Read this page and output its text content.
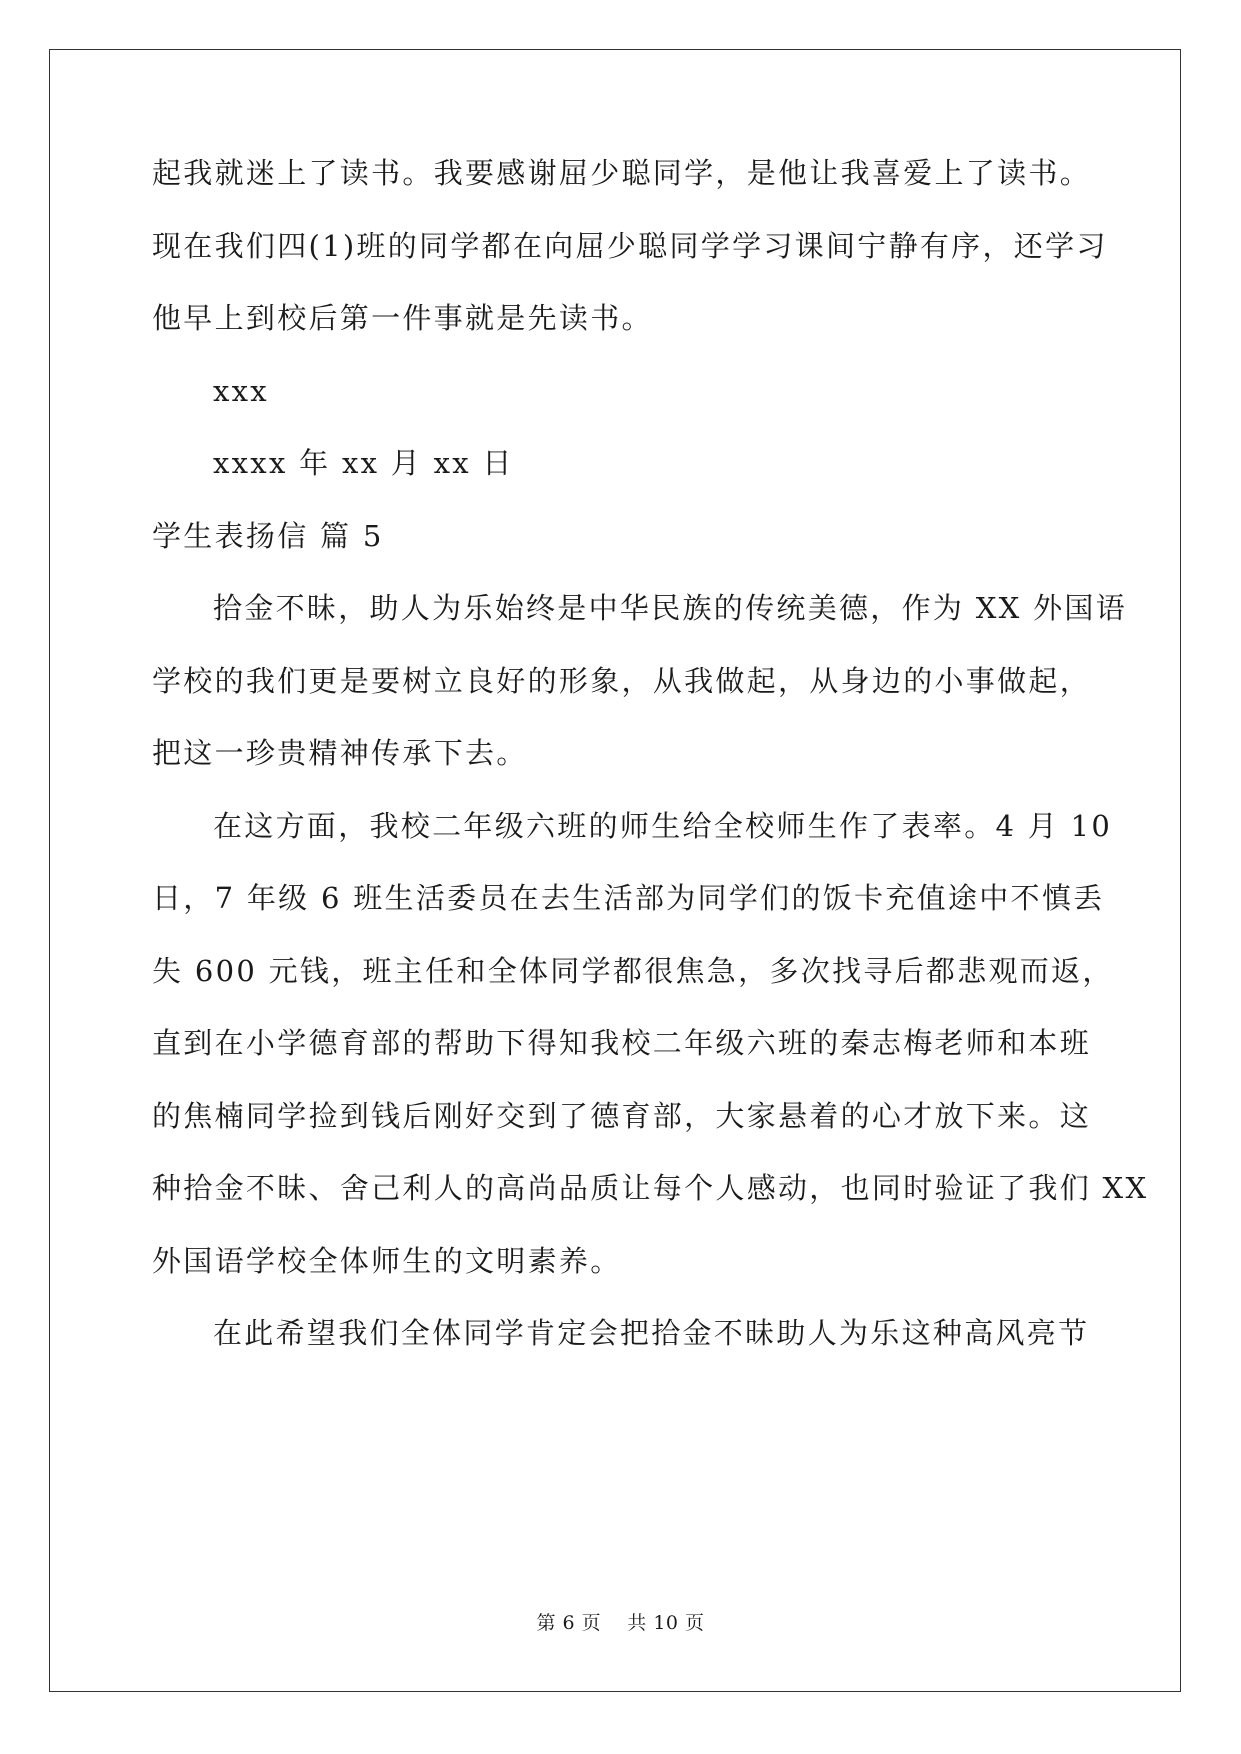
起我就迷上了读书。我要感谢屈少聪同学，是他让我喜爱上了读书。
现在我们四(1)班的同学都在向屈少聪同学学习课间宁静有序，还学习
他早上到校后第一件事就是先读书。
xxx
xxxx 年 xx 月 xx 日
学生表扬信 篇 5
拾金不昧，助人为乐始终是中华民族的传统美德，作为 XX 外国语
学校的我们更是要树立良好的形象，从我做起，从身边的小事做起，
把这一珍贵精神传承下去。
在这方面，我校二年级六班的师生给全校师生作了表率。4 月 10
日，7 年级 6 班生活委员在去生活部为同学们的饭卡充值途中不慎丢
失 600 元钱，班主任和全体同学都很焦急，多次找寻后都悲观而返，
直到在小学德育部的帮助下得知我校二年级六班的秦志梅老师和本班
的焦楠同学捡到钱后刚好交到了德育部，大家悬着的心才放下来。这
种拾金不昧、舍己利人的高尚品质让每个人感动，也同时验证了我们 XX
外国语学校全体师生的文明素养。
在此希望我们全体同学肯定会把拾金不昧助人为乐这种高风亮节
第 6 页 共 10 页
